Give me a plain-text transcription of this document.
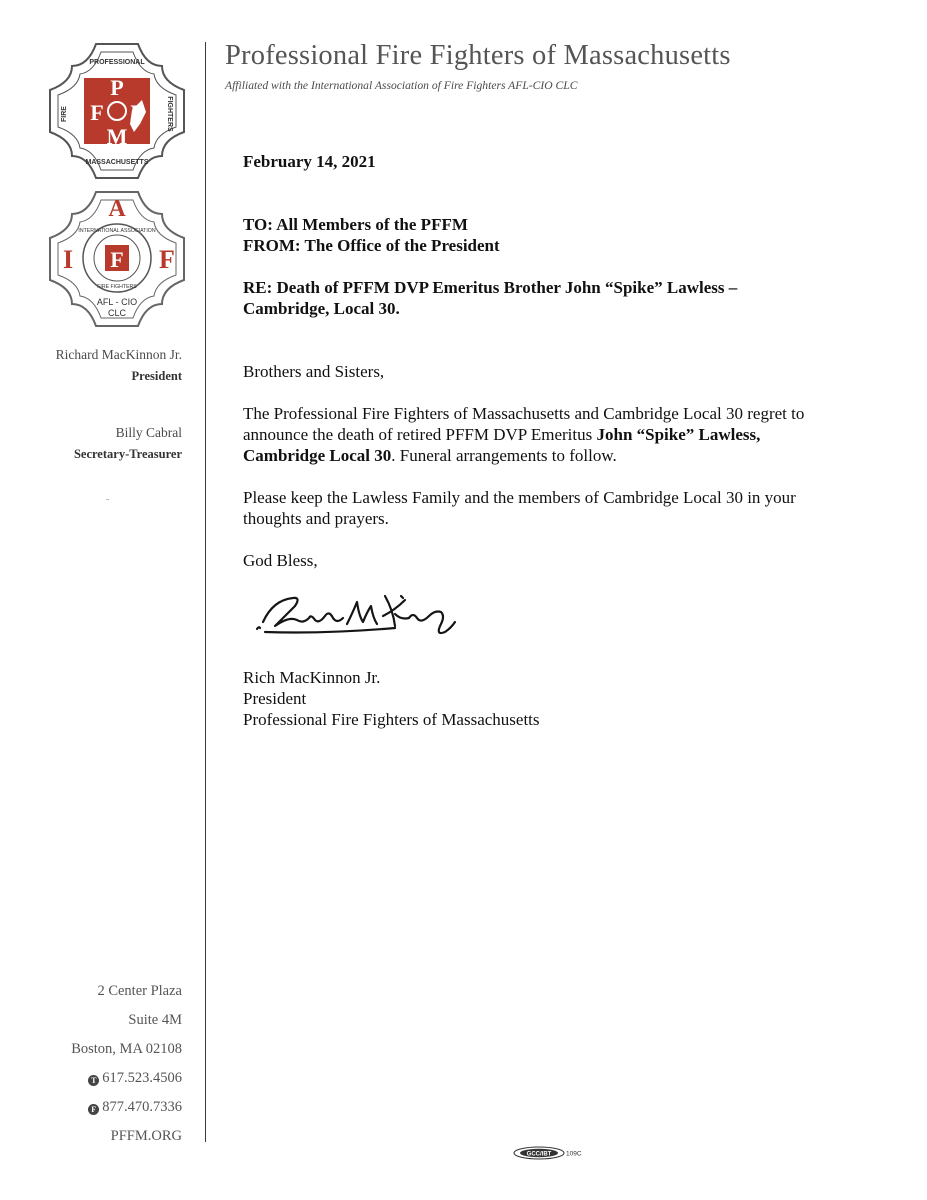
P
F F
M
PROFESSIONAL
FIRE	FIGHTERS
MASSACHUSETTS
F
A
I	F
INTERNATIONAL ASSOCIATION
FIRE FIGHTERS
AFL - CIO
CLC
Professional Fire Fighters of Massachusetts
Affiliated with the International Association of Fire Fighters AFL-CIO CLC
Richard MacKinnon Jr.
President
Billy Cabral
Secretary-Treasurer
2 Center Plaza
Suite 4M
Boston, MA 02108
T 617.523.4506
F 877.470.7336
PFFM.ORG
February 14, 2021
TO: All Members of the PFFM
FROM: The Office of the President
RE: Death of PFFM DVP Emeritus Brother John “Spike” Lawless –
Cambridge, Local 30.
Brothers and Sisters,
The Professional Fire Fighters of Massachusetts and Cambridge Local 30 regret to
announce the death of retired PFFM DVP Emeritus John “Spike” Lawless,
Cambridge Local 30. Funeral arrangements to follow.
Please keep the Lawless Family and the members of Cambridge Local 30 in your
thoughts and prayers.
God Bless,
Rich MacKinnon Jr.
President
Professional Fire Fighters of Massachusetts
GCC/IBT 109C
